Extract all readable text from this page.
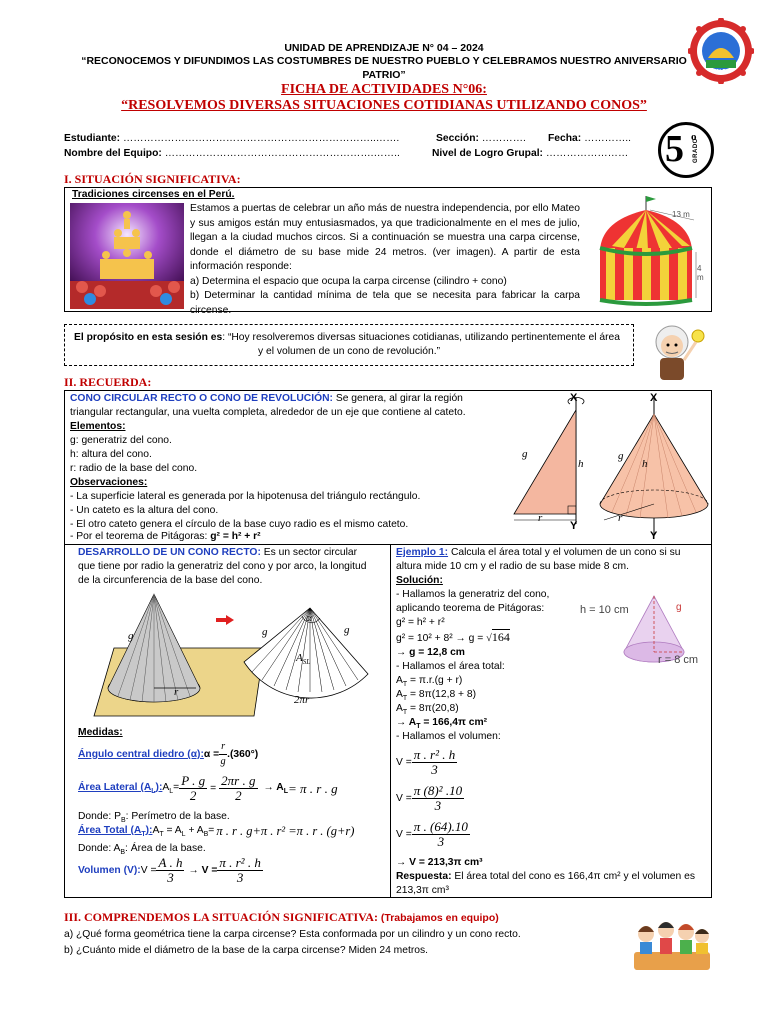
UNIDAD DE APRENDIZAJE N° 04 – 2024
“RECONOCEMOS Y DIFUNDIMOS LAS COSTUMBRES DE NUESTRO PUEBLO Y CELEBRAMOS NUESTRO ANIVERSARIO
PATRIO”
FICHA DE ACTIVIDADES N°06:
“RESOLVEMOS DIVERSAS SITUACIONES COTIDIANAS UTILIZANDO CONOS”
PALPA
Estudiante: ………………………………………………………………..…….	Sección: …………. Fecha: …………..
Nombre del Equipo: …………………………………………………….……..	Nivel de Logro Grupal: …………………… 5 o
GRADO
I. SITUACIÓN SIGNIFICATIVA:
Tradiciones circenses en el Perú.
Estamos a puertas de celebrar un año más de nuestra independencia, por ello Mateo y sus amigos están muy entusiasmados, ya que tradicionalmente en el mes de julio, llegan a la ciudad muchos circos. Si a continuación se muestra una carpa circense, donde el diámetro de su base mide 24 metros. (ver imagen). A partir de esta información responde:
a) Determina el espacio que ocupa la carpa circense (cilindro + cono)
b) Determinar la cantidad mínima de tela que se necesita para fabricar la carpa circense.
13 m
4 m
El propósito en esta sesión es: “Hoy resolveremos diversas situaciones cotidianas, utilizando pertinentemente el área
y el volumen de un cono de revolución.”
II. RECUERDA:
CONO CIRCULAR RECTO O CONO DE REVOLUCIÓN: Se genera, al girar la región
triangular rectangular, una vuelta completa, alrededor de un eje que contiene al cateto.
Elementos:
g: generatriz del cono.
h: altura del cono.
r: radio de la base del cono.
Observaciones:
- La superficie lateral es generada por la hipotenusa del triángulo rectángulo.
- Un cateto es la altura del cono.
- El otro cateto genera el círculo de la base cuyo radio es el mismo cateto.
- Por el teorema de Pitágoras: g² = h² + r²
X	X
Y
Y
g
h
r
g
h
r
DESARROLLO DE UN CONO RECTO: Es un sector circular
que tiene por radio la generatriz del cono y por arco, la longitud
de la circunferencia de la base del cono.
g
r
α
g	g
$A_{SL}$
2πr
Medidas:
Ángulo central diedro (α): $\alpha = \frac{r}{g} .(360^\circ)$
Área Lateral $(A_L)$: $A_L= \frac{P . g}{2} = \frac{2\pi r . g}{2} \to A_L = \pi$ . r . g
Donde: $P_B$: Perímetro de la base.
Área Total $(A_T)$: $A_T = A_L + A_B= \pi$ . r . g+π . r² =π . r . (g+r)
Donde: $A_B$: Área de la base.
Volumen (V): $V = \frac{A . h}{3} \to V = \frac{\text{π . r² . h}}{3}$
Ejemplo 1: Calcula el área total y el volumen de un cono si su
altura mide 10 cm y el radio de su base mide 8 cm.
Solución:
- Hallamos la generatriz del cono,
aplicando teorema de Pitágoras:
g² = h² + r²
g² = 10² + 8² → g = √164
→ g = 12,8 cm
- Hallamos el área total:
$A_T = \pi.r.(g + r)$
$A_T = 8\pi(12,8 + 8)$
$A_T = 8\pi(20,8)$
→ $A_T = 166,4\pi$ cm²
- Hallamos el volumen:
$V = \frac{\text{π . r² . h}}{3}$
$V = \frac{\text{π (8)² .10}}{3}$
$V = \frac{\pi . (64).10}{3}$
→ V = 213,3π cm³
Respuesta: El área total del cono es 166,4π cm² y el volumen es
213,3π cm³
h = 10 cm	g
r = 8 cm
III. COMPRENDEMOS LA SITUACIÓN SIGNIFICATIVA: (Trabajamos en equipo)
a) ¿Qué forma geométrica tiene la carpa circense? Esta conformada por un cilindro y un cono recto.
b) ¿Cuánto mide el diámetro de la base de la carpa circense? Miden 24 metros.
